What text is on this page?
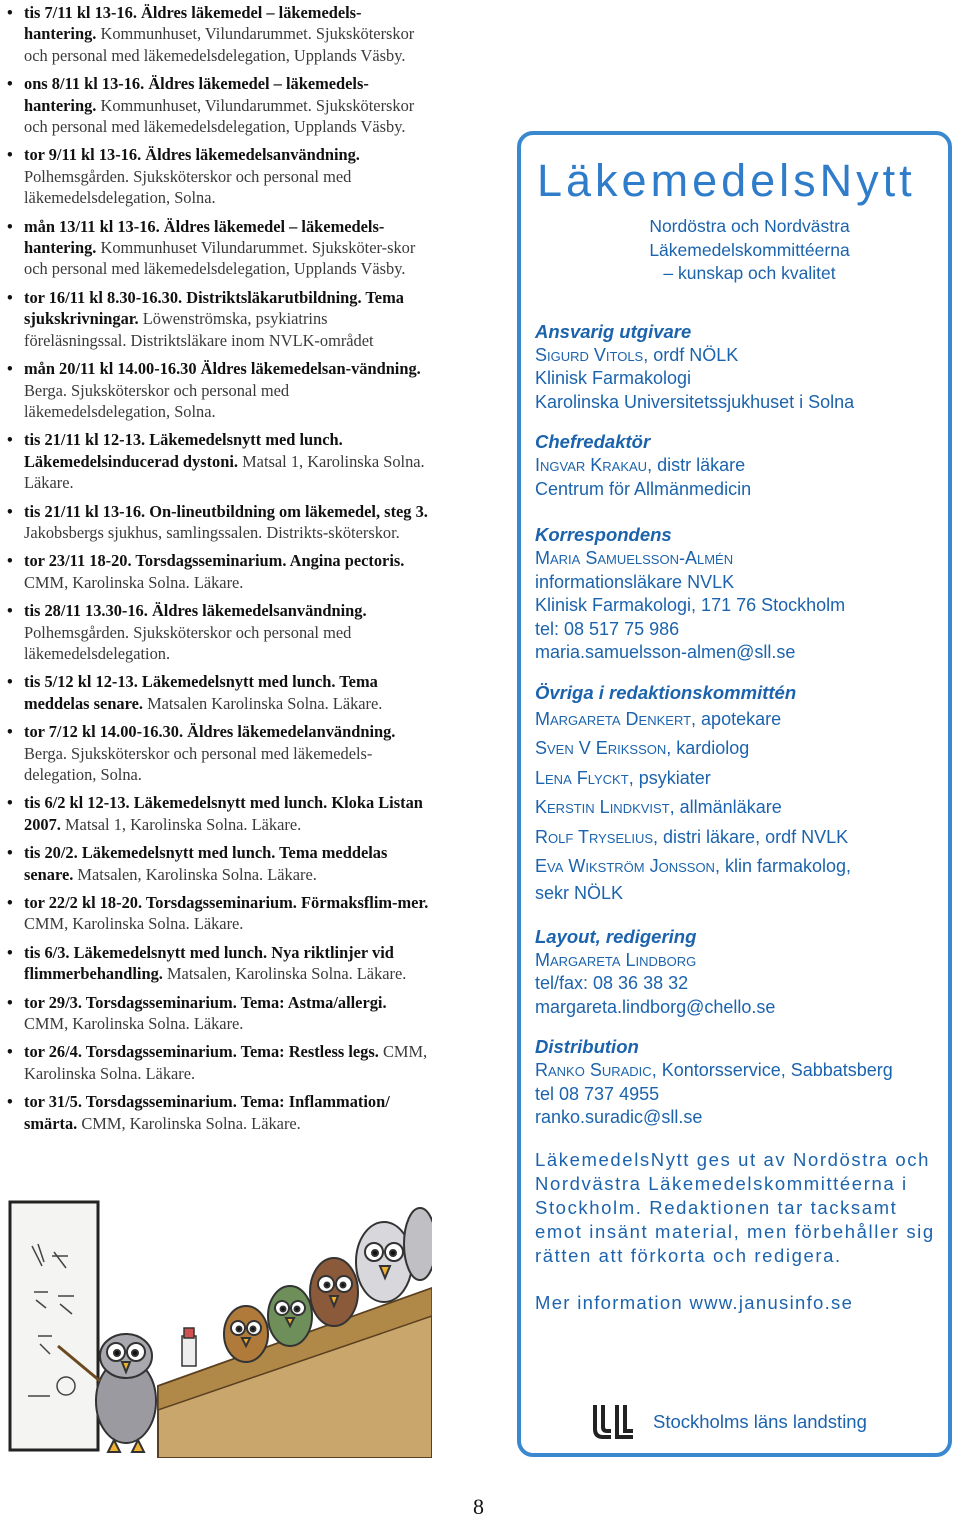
• tis 7/11 kl 13-16. Äldres läkemedel – läkemedels-hantering. Kommunhuset, Vilundarummet. Sjuksköterskor och personal med läkemedelsdelegation, Upplands Väsby.
• ons 8/11 kl 13-16. Äldres läkemedel – läkemedels-hantering. Kommunhuset, Vilundarummet. Sjuksköterskor och personal med läkemedelsdelegation, Upplands Väsby.
• tor 9/11 kl 13-16. Äldres läkemedelsanvändning. Polhemsgården. Sjuksköterskor och personal med läkemedelsdelegation, Solna.
• mån 13/11 kl 13-16. Äldres läkemedel – läkemedels-hantering. Kommunhuset Vilundarummet. Sjuksköter-skor och personal med läkemedelsdelegation, Upplands Väsby.
• tor 16/11 kl 8.30-16.30. Distriktsläkarutbildning. Tema sjukskrivningar. Löwenströmska, psykiatrins föreläsningssal. Distriktsläkare inom NVLK-området
• mån 20/11 kl 14.00-16.30 Äldres läkemedelsan-vändning. Berga. Sjuksköterskor och personal med läkemedelsdelegation, Solna.
• tis 21/11 kl 12-13. Läkemedelsnytt med lunch. Läkemedelsinducerad dystoni. Matsal 1, Karolinska Solna. Läkare.
• tis 21/11 kl 13-16. On-lineutbildning om läkemedel, steg 3. Jakobsbergs sjukhus, samlingssalen. Distrikts-sköterskor.
• tor 23/11 18-20. Torsdagsseminarium. Angina pectoris. CMM, Karolinska Solna. Läkare.
• tis 28/11 13.30-16. Äldres läkemedelsanvändning. Polhemsgården. Sjuksköterskor och personal med läkemedelsdelegation.
• tis 5/12 kl 12-13. Läkemedelsnytt med lunch. Tema meddelas senare. Matsalen Karolinska Solna. Läkare.
• tor 7/12 kl 14.00-16.30. Äldres läkemedelanvändning. Berga. Sjuksköterskor och personal med läkemedels-delegation, Solna.
• tis 6/2 kl 12-13. Läkemedelsnytt med lunch. Kloka Listan 2007. Matsal 1, Karolinska Solna. Läkare.
• tis 20/2. Läkemedelsnytt med lunch. Tema meddelas senare. Matsalen, Karolinska Solna. Läkare.
• tor 22/2 kl 18-20. Torsdagsseminarium. Förmaksflim-mer. CMM, Karolinska Solna. Läkare.
• tis 6/3. Läkemedelsnytt med lunch. Nya riktlinjer vid flimmerbehandling. Matsalen, Karolinska Solna. Läkare.
• tor 29/3. Torsdagsseminarium. Tema: Astma/allergi. CMM, Karolinska Solna. Läkare.
• tor 26/4. Torsdagsseminarium. Tema: Restless legs. CMM, Karolinska Solna. Läkare.
• tor 31/5. Torsdagsseminarium. Tema: Inflammation/ smärta. CMM, Karolinska Solna. Läkare.
LäkemedelsNytt
Nordöstra och Nordvästra
Läkemedelskommittéerna
– kunskap och kvalitet
Ansvarig utgivare
Sigurd Vitols, ordf NÖLK
Klinisk Farmakologi
Karolinska Universitetssjukhuset i Solna
Chefredaktör
Ingvar Krakau, distr läkare
Centrum för Allmänmedicin
Korrespondens
Maria Samuelsson-Almén
informationsläkare NVLK
Klinisk Farmakologi, 171 76 Stockholm
tel: 08 517 75 986
maria.samuelsson-almen@sll.se
Övriga i redaktionskommittén
Margareta Denkert, apotekare
Sven V Eriksson, kardiolog
Lena Flyckt, psykiater
Kerstin Lindkvist, allmänläkare
Rolf Tryselius, distri läkare, ordf NVLK
Eva Wikström Jonsson, klin farmakolog,
sekr NÖLK
Layout, redigering
Margareta Lindborg
tel/fax: 08 36 38 32
margareta.lindborg@chello.se
Distribution
Ranko Suradic, Kontorsservice, Sabbatsberg
tel 08 737 4955
ranko.suradic@sll.se
LäkemedelsNytt ges ut av Nordöstra och Nordvästra Läkemedelskommittéerna i Stockholm. Redaktionen tar tacksamt emot insänt material, men förbehåller sig rätten att förkorta och redigera.
Mer information www.janusinfo.se
Stockholms läns landsting
8
